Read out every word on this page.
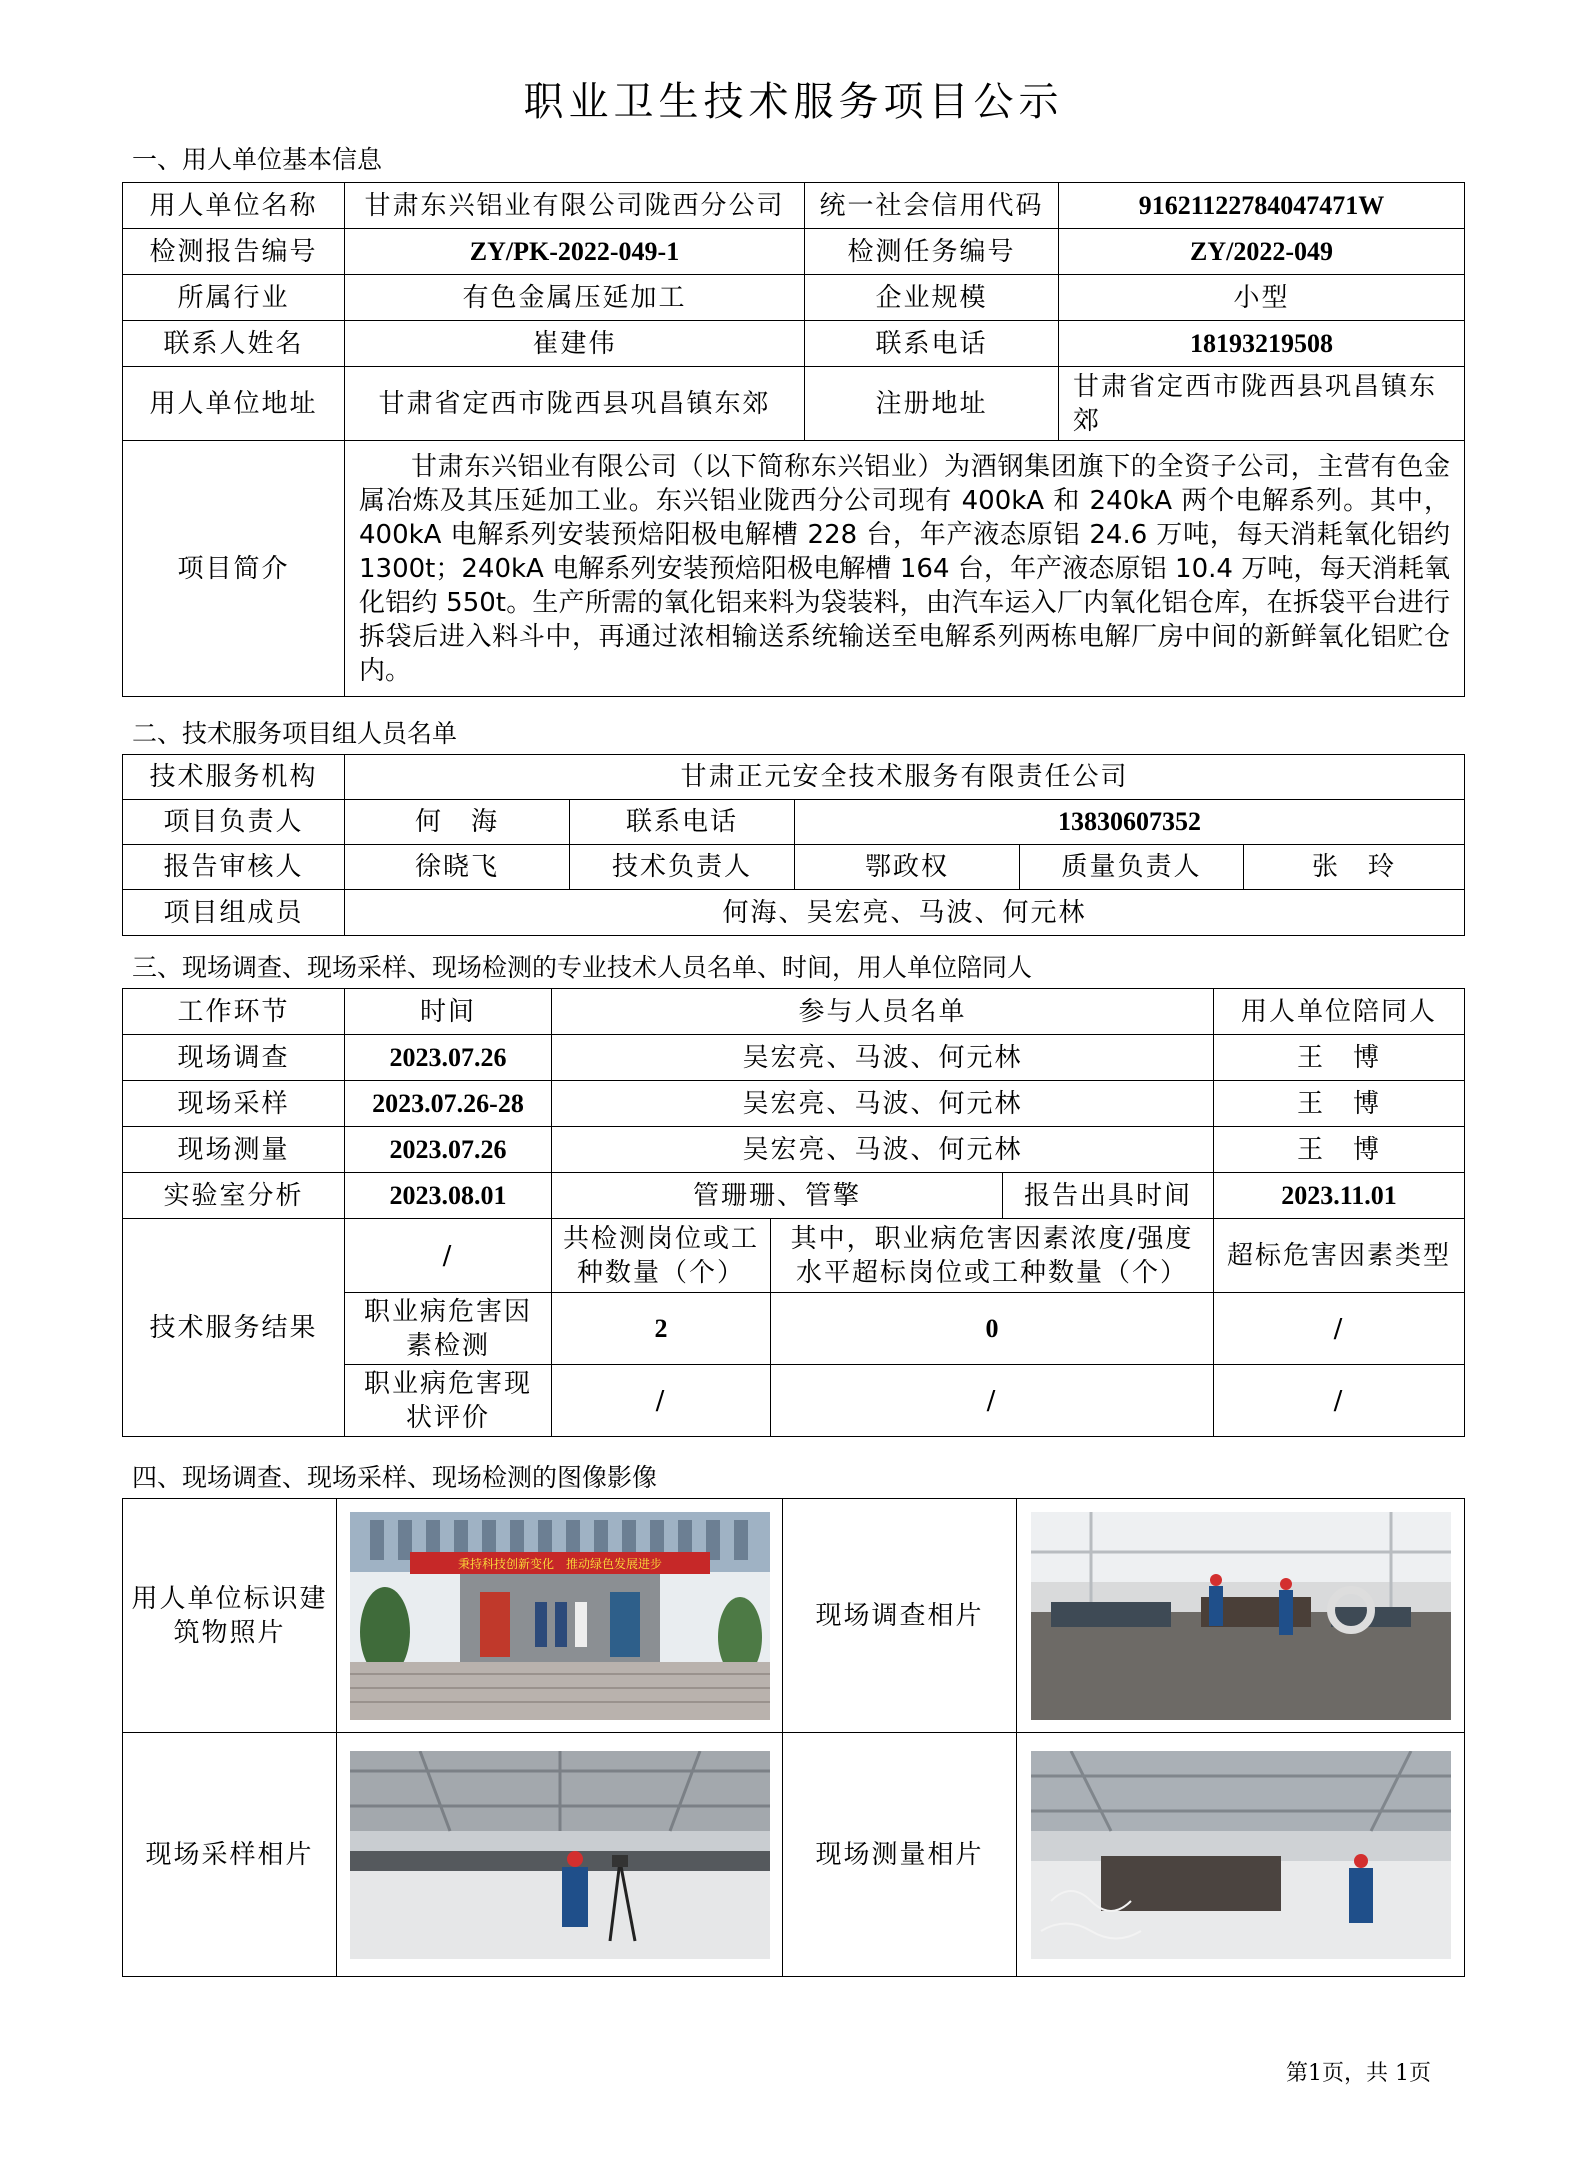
职业卫生技术服务项目公示
一、用人单位基本信息
用人单位名称	甘肃东兴铝业有限公司陇西分公司	统一社会信用代码	91621122784047471W
检测报告编号	ZY/PK-2022-049-1	检测任务编号	ZY/2022-049
所属行业	有色金属压延加工	企业规模	小型
联系人姓名	崔建伟	联系电话	18193219508
用人单位地址	甘肃省定西市陇西县巩昌镇东郊	注册地址	甘肃省定西市陇西县巩昌镇东郊
项目简介	甘肃东兴铝业有限公司（以下简称东兴铝业）为酒钢集团旗下的全资子公司，主营有色金属冶炼及其压延加工业。东兴铝业陇西分公司现有 400kA 和 240kA 两个电解系列。其中，400kA 电解系列安装预焙阳极电解槽 228 台，年产液态原铝 24.6 万吨，每天消耗氧化铝约 1300t；240kA 电解系列安装预焙阳极电解槽 164 台，年产液态原铝 10.4 万吨，每天消耗氧化铝约 550t。生产所需的氧化铝来料为袋装料，由汽车运入厂内氧化铝仓库，在拆袋平台进行拆袋后进入料斗中，再通过浓相输送系统输送至电解系列两栋电解厂房中间的新鲜氧化铝贮仓内。		
二、技术服务项目组人员名单
技术服务机构	甘肃正元安全技术服务有限责任公司				
项目负责人	何　海	联系电话	13830607352		
报告审核人	徐晓飞	技术负责人	鄂政权	质量负责人	张　玲
项目组成员	何海、吴宏亮、马波、何元林				
三、现场调查、现场采样、现场检测的专业技术人员名单、时间，用人单位陪同人
工作环节	时间	参与人员名单			用人单位陪同人
现场调查	2023.07.26	吴宏亮、马波、何元林			王　博
现场采样	2023.07.26-28	吴宏亮、马波、何元林			王　博
现场测量	2023.07.26	吴宏亮、马波、何元林			王　博
实验室分析	2023.08.01	管珊珊、管擎		报告出具时间	2023.11.01
技术服务结果	/	共检测岗位或工种数量（个）	其中，职业病危害因素浓度/强度水平超标岗位或工种数量（个）		超标危害因素类型
	职业病危害因素检测	2	0		/
	职业病危害现状评价	/	/		/
四、现场调查、现场采样、现场检测的图像影像
用人单位标识建筑物照片	秉持科技创新变化　推动绿色发展进步	现场调查相片	

现场采样相片		现场测量相片	
第1页，共 1页
